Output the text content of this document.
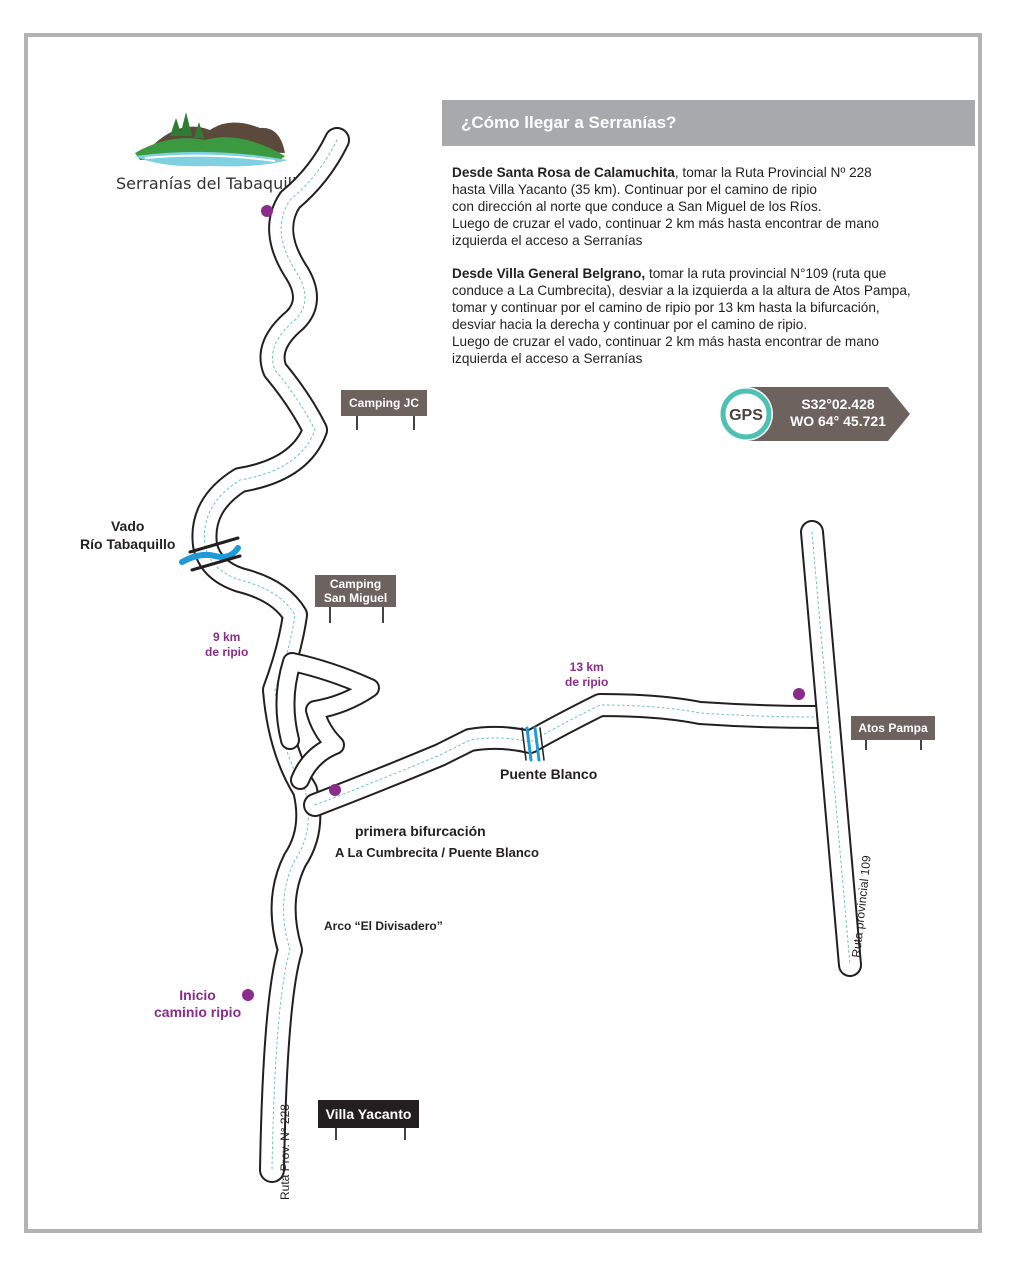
Serranías del Tabaquillo
¿Cómo llegar a Serranías?
Desde Santa Rosa de Calamuchita, tomar la Ruta Provincial Nº 228
hasta Villa Yacanto (35 km). Continuar por el camino de ripio
con dirección al norte que conduce a San Miguel de los Ríos.
Luego de cruzar el vado, continuar 2 km más hasta encontrar de mano
izquierda el acceso a Serranías
Desde Villa General Belgrano, tomar la ruta provincial N°109 (ruta que
conduce a La Cumbrecita), desviar a la izquierda a la altura de Atos Pampa,
tomar y continuar por el camino de ripio por 13 km hasta la bifurcación,
desviar hacia la derecha y continuar por el camino de ripio.
Luego de cruzar el vado, continuar 2 km más hasta encontrar de mano
izquierda el acceso a Serranías
GPS
S32°02.428
WO 64° 45.721
Ruta Prov. N° 228
Ruta provincial 109
Camping JC
Camping
San Miguel
Atos Pampa
Villa Yacanto
Vado
Río Tabaquillo
9 km
de ripio
13 km
de ripio
Puente Blanco
primera bifurcación
A La Cumbrecita / Puente Blanco
Arco “El Divisadero”
Inicio
caminio ripio
